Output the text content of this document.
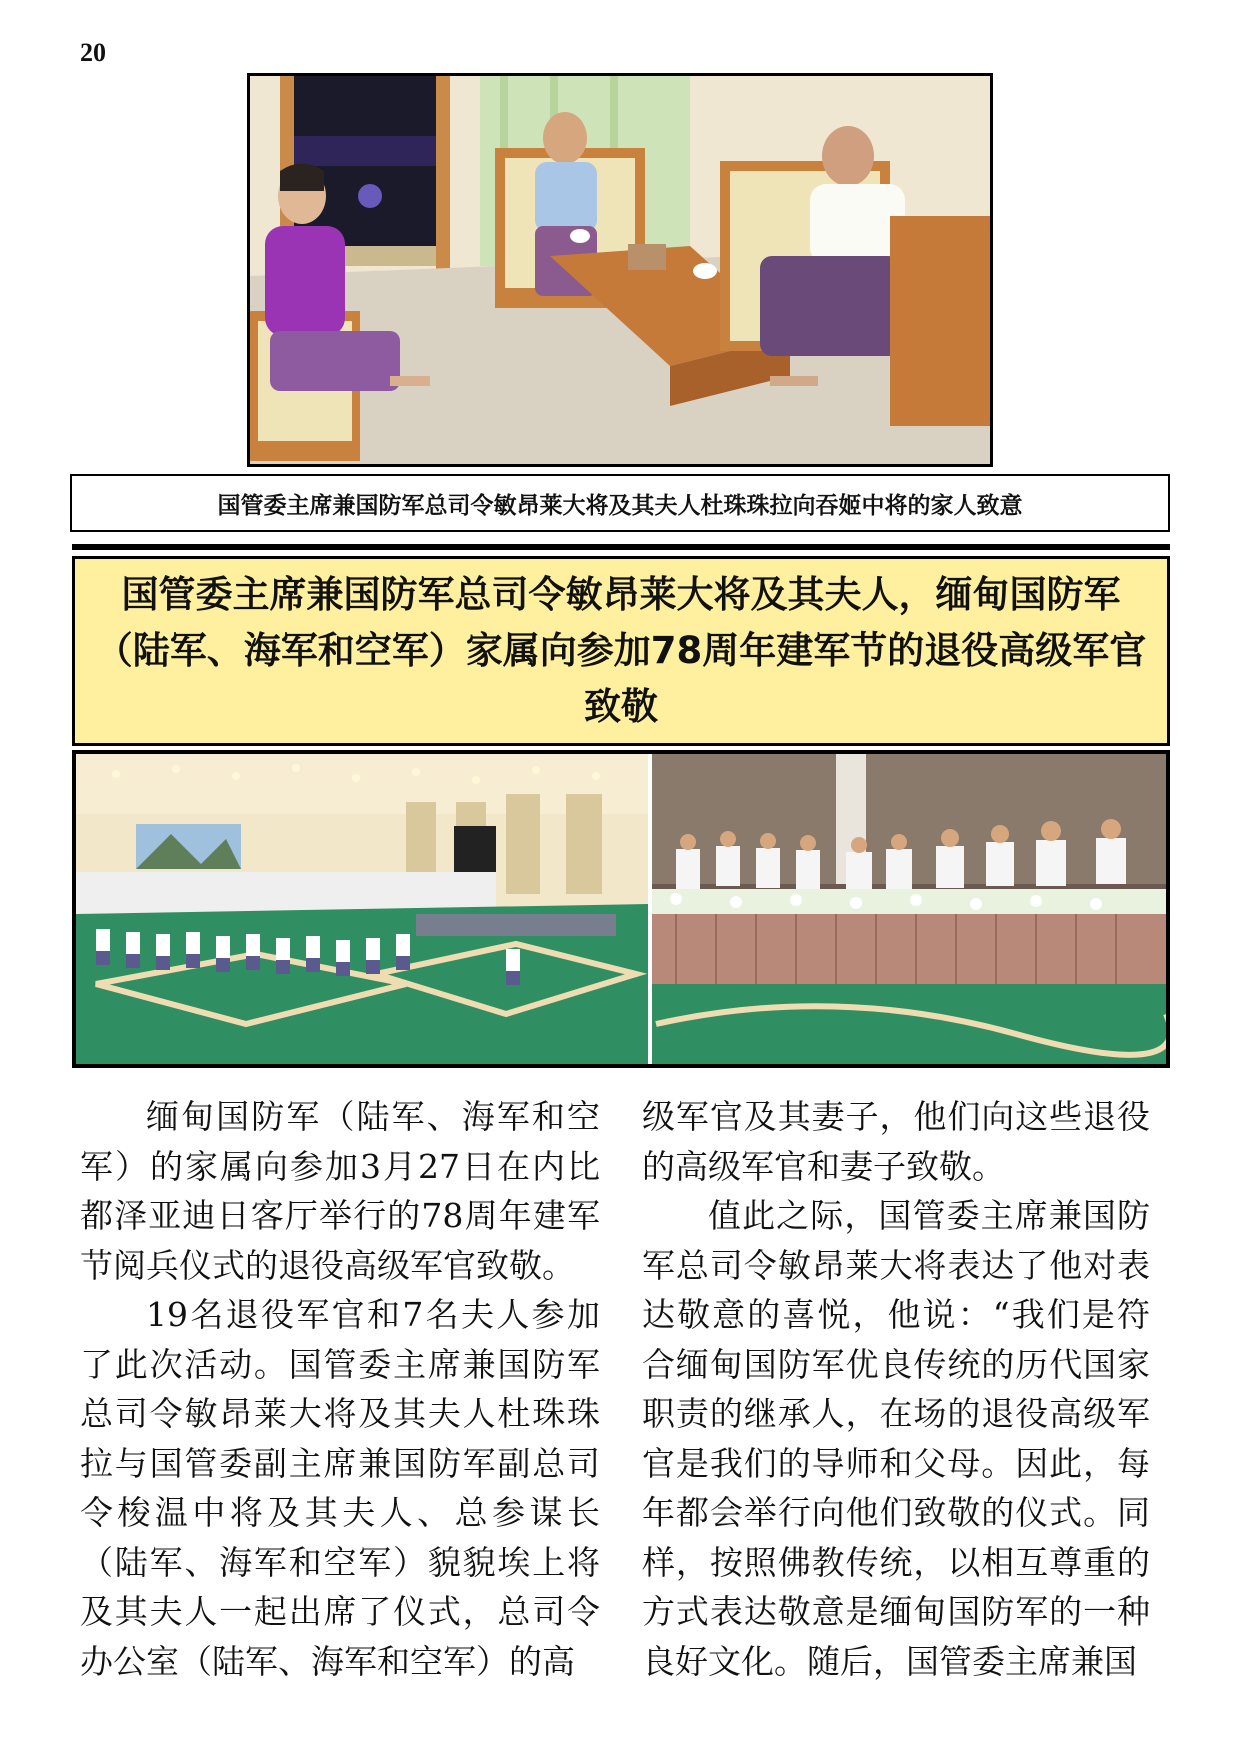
20
国管委主席兼国防军总司令敏昂莱大将及其夫人杜珠珠拉向吞姬中将的家人致意
国管委主席兼国防军总司令敏昂莱大将及其夫人，缅甸国防军（陆军、海军和空军）家属向参加78周年建军节的退役高级军官致敬

缅甸国防军（陆军、海军和空军）的家属向参加3月27日在内比都泽亚迪日客厅举行的78周年建军节阅兵仪式的退役高级军官致敬。

19名退役军官和7名夫人参加了此次活动。国管委主席兼国防军总司令敏昂莱大将及其夫人杜珠珠拉与国管委副主席兼国防军副总司令梭温中将及其夫人、总参谋长（陆军、海军和空军）貌貌埃上将及其夫人一起出席了仪式，总司令办公室（陆军、海军和空军）的高

级军官及其妻子，他们向这些退役的高级军官和妻子致敬。

值此之际，国管委主席兼国防军总司令敏昂莱大将表达了他对表达敬意的喜悦，他说：“我们是符合缅甸国防军优良传统的历代国家职责的继承人，在场的退役高级军官是我们的导师和父母。因此，每年都会举行向他们致敬的仪式。同样，按照佛教传统，以相互尊重的方式表达敬意是缅甸国防军的一种良好文化。随后，国管委主席兼国
